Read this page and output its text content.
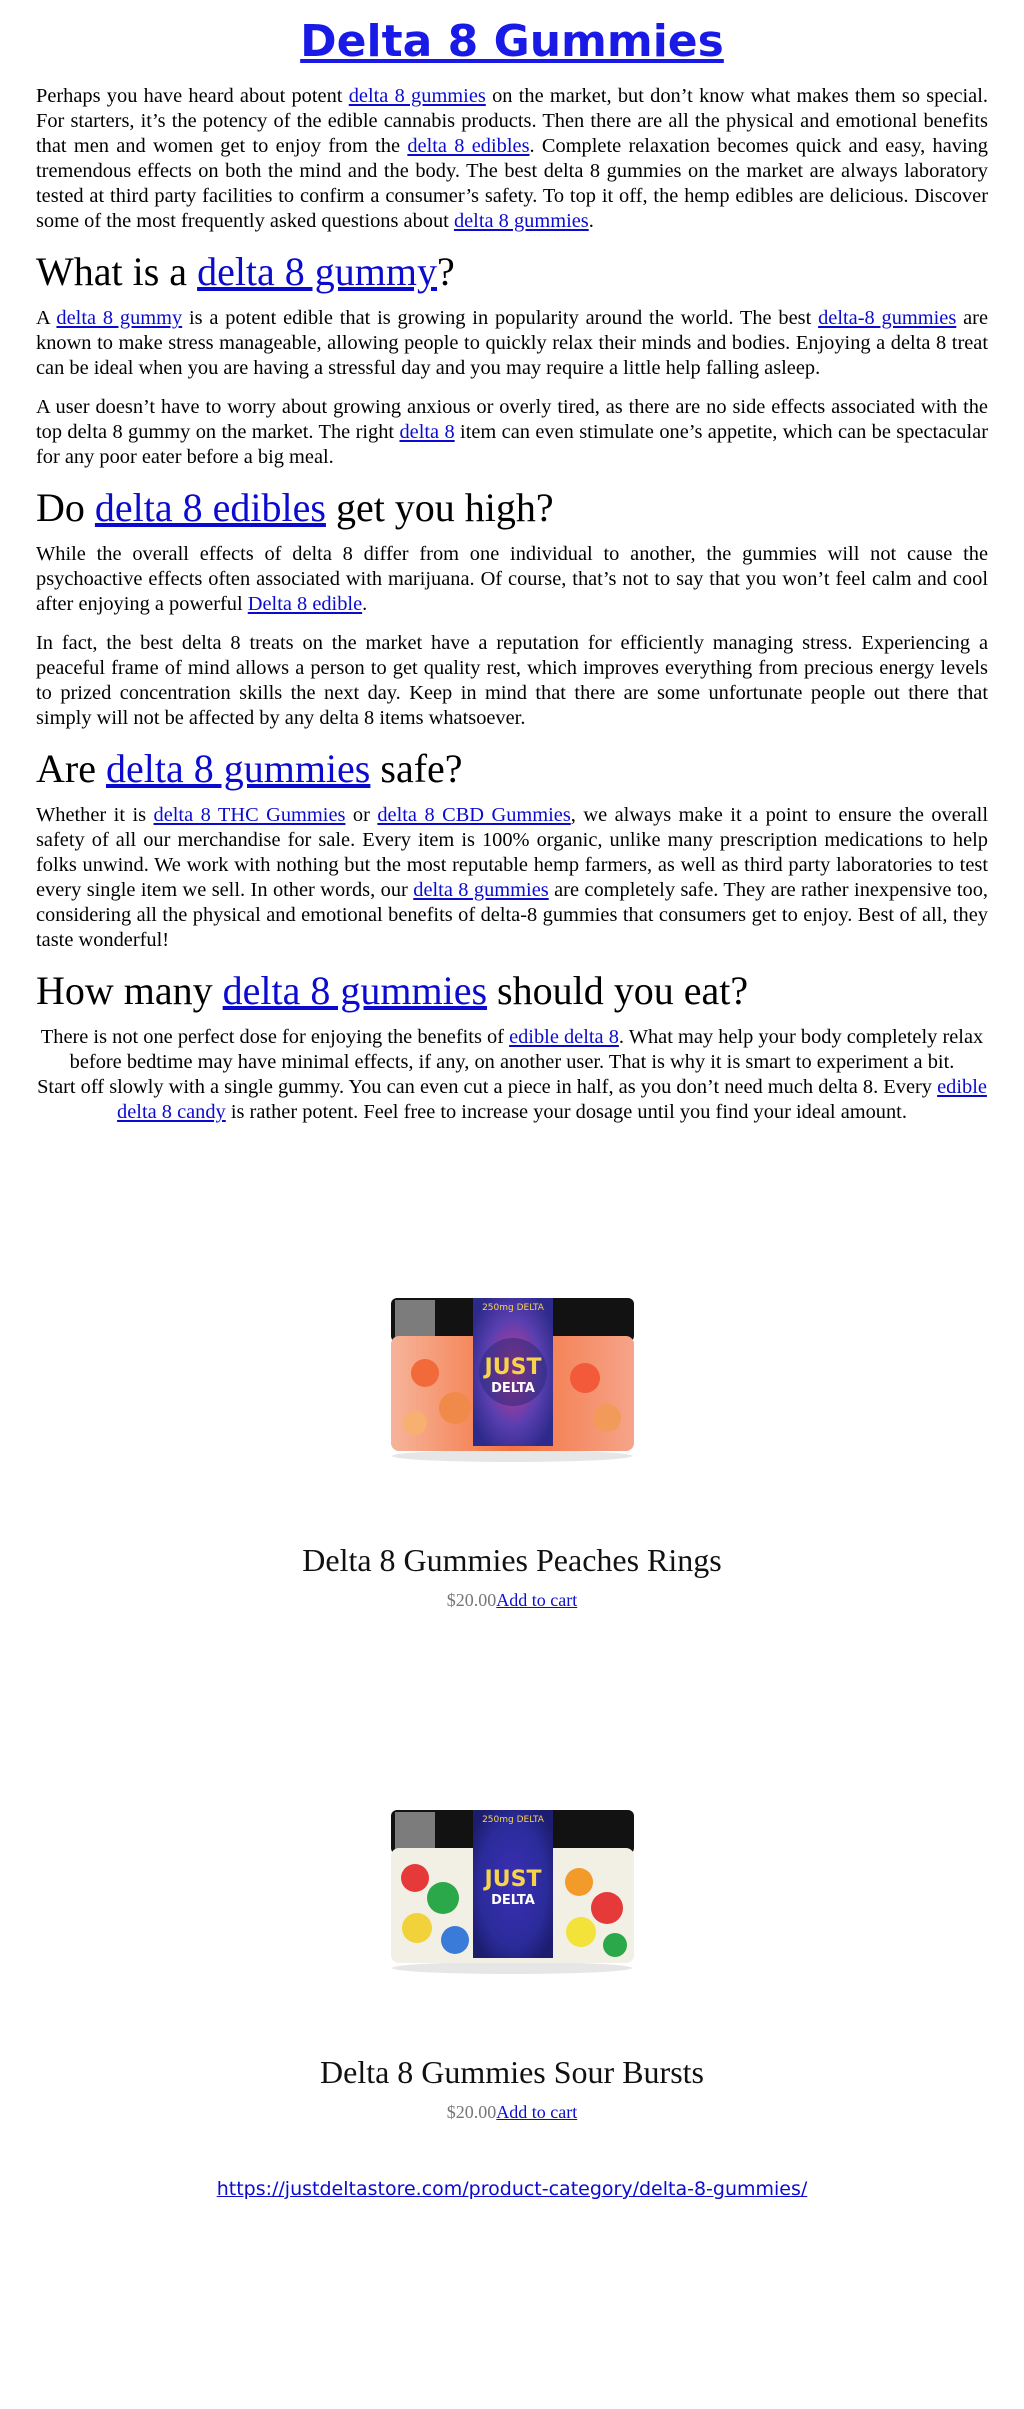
Delta 8 Gummies

Perhaps you have heard about potent delta 8 gummies on the market, but don’t know what makes them so special. For starters, it’s the potency of the edible cannabis products. Then there are all the physical and emotional benefits that men and women get to enjoy from the delta 8 edibles. Complete relaxation becomes quick and easy, having tremendous effects on both the mind and the body. The best delta 8 gummies on the market are always laboratory tested at third party facilities to confirm a consumer’s safety. To top it off, the hemp edibles are delicious. Discover some of the most frequently asked questions about delta 8 gummies.

What is a delta 8 gummy?

A delta 8 gummy is a potent edible that is growing in popularity around the world. The best delta-8 gummies are known to make stress manageable, allowing people to quickly relax their minds and bodies. Enjoying a delta 8 treat can be ideal when you are having a stressful day and you may require a little help falling asleep.

A user doesn’t have to worry about growing anxious or overly tired, as there are no side effects associated with the top delta 8 gummy on the market. The right delta 8 item can even stimulate one’s appetite, which can be spectacular for any poor eater before a big meal.

Do delta 8 edibles get you high?

While the overall effects of delta 8 differ from one individual to another, the gummies will not cause the psychoactive effects often associated with marijuana. Of course, that’s not to say that you won’t feel calm and cool after enjoying a powerful Delta 8 edible.

In fact, the best delta 8 treats on the market have a reputation for efficiently managing stress. Experiencing a peaceful frame of mind allows a person to get quality rest, which improves everything from precious energy levels to prized concentration skills the next day. Keep in mind that there are some unfortunate people out there that simply will not be affected by any delta 8 items whatsoever.

Are delta 8 gummies safe?

Whether it is delta 8 THC Gummies or delta 8 CBD Gummies, we always make it a point to ensure the overall safety of all our merchandise for sale. Every item is 100% organic, unlike many prescription medications to help folks unwind. We work with nothing but the most reputable hemp farmers, as well as third party laboratories to test every single item we sell. In other words, our delta 8 gummies are completely safe. They are rather inexpensive too, considering all the physical and emotional benefits of delta-8 gummies that consumers get to enjoy. Best of all, they taste wonderful!

How many delta 8 gummies should you eat?

There is not one perfect dose for enjoying the benefits of edible delta 8. What may help your body completely relax before bedtime may have minimal effects, if any, on another user. That is why it is smart to experiment a bit.

Start off slowly with a single gummy. You can even cut a piece in half, as you don’t need much delta 8. Every edible delta 8 candy is rather potent. Feel free to increase your dosage until you find your ideal amount.

250mg DELTA
JUST
DELTA
Delta 8 Gummies Peaches Rings
$20.00Add to cart
250mg DELTA
JUST
DELTA
Delta 8 Gummies Sour Bursts
$20.00Add to cart
https://justdeltastore.com/product-category/delta-8-gummies/
